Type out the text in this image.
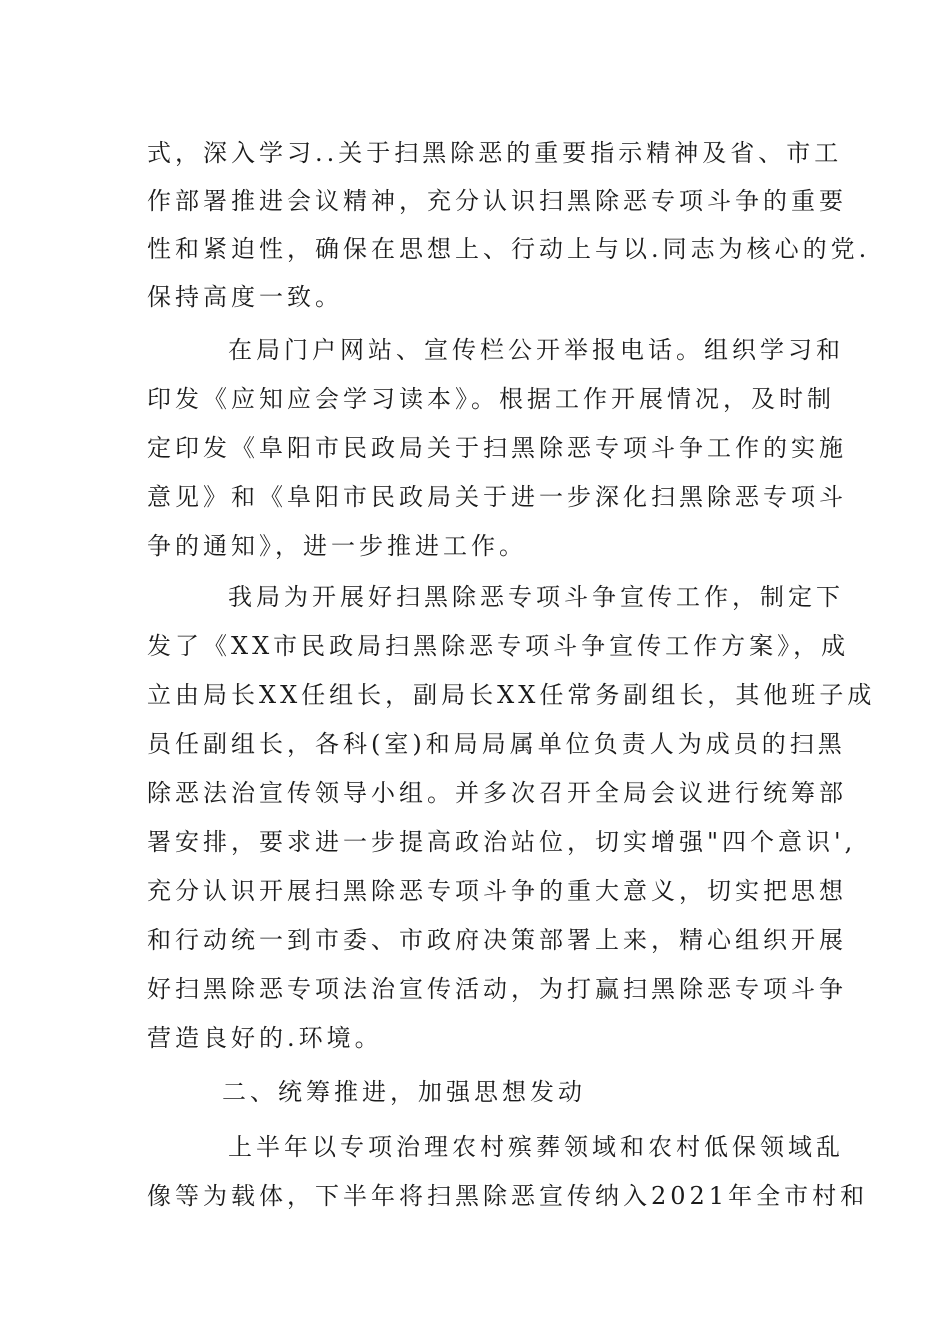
式，深入学习..关于扫黑除恶的重要指示精神及省、市工
作部署推进会议精神，充分认识扫黑除恶专项斗争的重要
性和紧迫性，确保在思想上、行动上与以.同志为核心的党.
保持高度一致。
在局门户网站、宣传栏公开举报电话。组织学习和
印发《应知应会学习读本》。根据工作开展情况，及时制
定印发《阜阳市民政局关于扫黑除恶专项斗争工作的实施
意见》和《阜阳市民政局关于进一步深化扫黑除恶专项斗
争的通知》，进一步推进工作。
我局为开展好扫黑除恶专项斗争宣传工作，制定下
发了《XX市民政局扫黑除恶专项斗争宣传工作方案》，成
立由局长XX任组长，副局长XX任常务副组长，其他班子成
员任副组长，各科(室)和局局属单位负责人为成员的扫黑
除恶法治宣传领导小组。并多次召开全局会议进行统筹部
署安排，要求进一步提高政治站位，切实增强"四个意识',
充分认识开展扫黑除恶专项斗争的重大意义，切实把思想
和行动统一到市委、市政府决策部署上来，精心组织开展
好扫黑除恶专项法治宣传活动，为打赢扫黑除恶专项斗争
营造良好的.环境。
二、统筹推进，加强思想发动
上半年以专项治理农村殡葬领域和农村低保领域乱
像等为载体，下半年将扫黑除恶宣传纳入2021年全市村和
